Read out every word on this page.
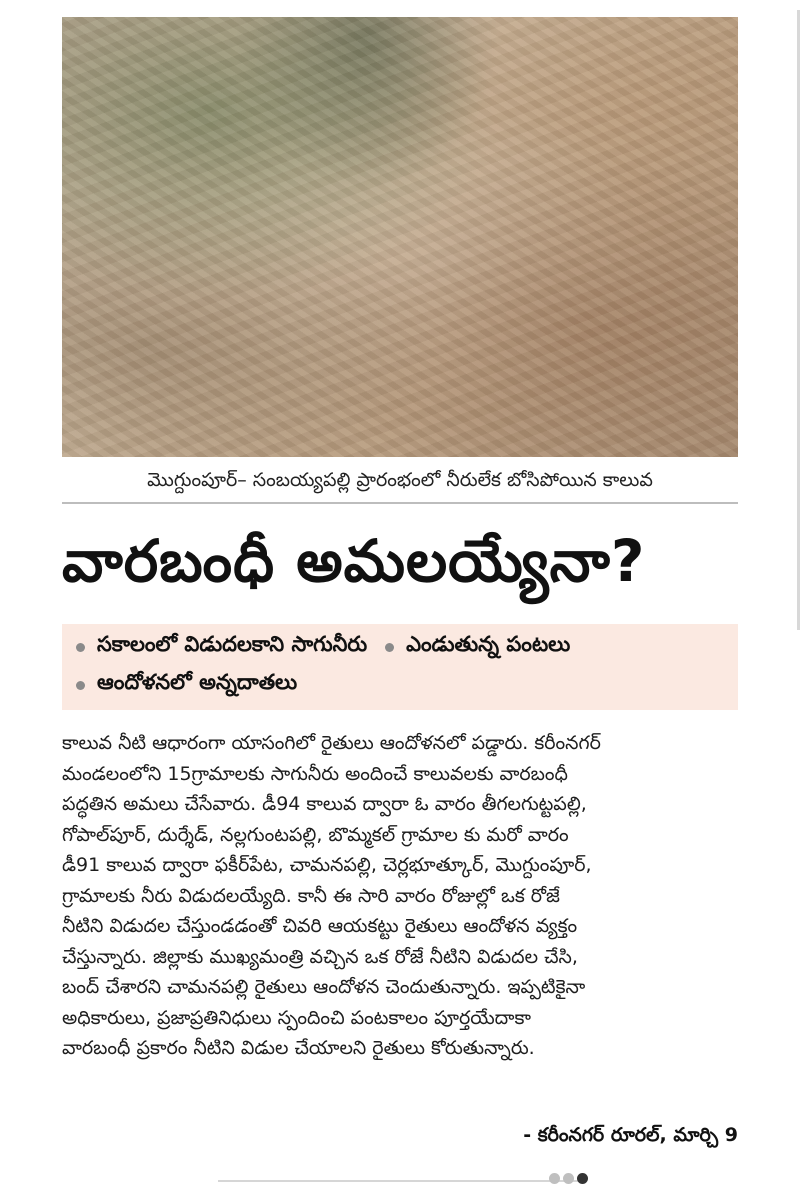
మొగ్దుంపూర్‌– సంబయ్యపల్లి ప్రారంభంలో నీరులేక బోసిపోయిన కాలువ
వారబంధీ అమలయ్యేనా?
సకాలంలో విడుదలకాని సాగునీరు ఎండుతున్న పంటలు
ఆందోళనలో అన్నదాతలు

కాలువ నీటి ఆధారంగా యాసంగిలో రైతులు ఆందోళనలో పడ్డారు. కరీంనగర్‌

మండలంలోని 15గ్రామాలకు సాగునీరు అందించే కాలువలకు వారబంధీ

పద్ధతిన అమలు చేసేవారు. డీ94 కాలువ ద్వారా ఓ వారం తీగలగుట్టపల్లి,

గోపాల్‌పూర్‌, దుర్శేడ్‌, నల్లగుంటపల్లి, బొమ్మకల్‌ గ్రామాల కు మరో వారం

డీ91 కాలువ ద్వారా ఫకీర్‌పేట, చామనపల్లి, చెర్లభూత్కూర్‌, మొగ్దుంపూర్‌,

గ్రామాలకు నీరు విడుదలయ్యేది. కానీ ఈ సారి వారం రోజుల్లో ఒక రోజే

నీటిని విడుదల చేస్తుండడంతో చివరి ఆయకట్టు రైతులు ఆందోళన వ్యక్తం

చేస్తున్నారు. జిల్లాకు ముఖ్యమంత్రి వచ్చిన ఒక రోజే నీటిని విడుదల చేసి,

బంద్‌ చేశారని చామనపల్లి రైతులు ఆందోళన చెందుతున్నారు. ఇప్పటికైనా

అధికారులు, ప్రజాప్రతినిధులు స్పందించి పంటకాలం పూర్తయేదాకా

వారబంధీ ప్రకారం నీటిని విడుల చేయాలని రైతులు కోరుతున్నారు.

- కరీంనగర్‌ రూరల్‌, మార్చి 9
